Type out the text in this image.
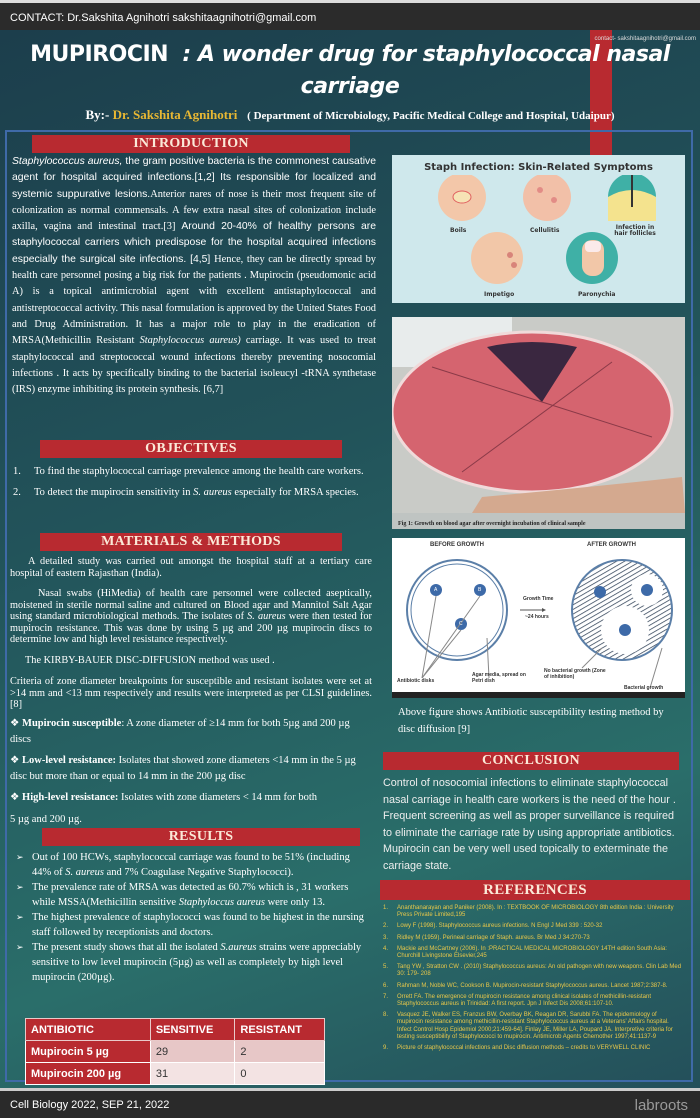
CONTACT: Dr.Sakshita Agnihotri sakshitaagnihotri@gmail.com
contact- sakshitaagnihotri@gmail.com
MUPIROCIN : A wonder drug for staphylococcal nasal
carriage
By:- Dr. Sakshita Agnihotri ( Department of Microbiology, Pacific Medical College and Hospital, Udaipur)
INTRODUCTION
Staphylococcus aureus, the gram positive bacteria is the commonest causative agent for hospital acquired infections.[1,2] Its responsible for localized and systemic suppurative lesions.Anterior nares of nose is their most frequent site of colonization as normal commensals. A few extra nasal sites of colonization include axilla, vagina and intestinal tract.[3] Around 20-40% of healthy persons are staphylococcal carriers which predispose for the hospital acquired infections especially the surgical site infections. [4,5] Hence, they can be directly spread by health care personnel posing a big risk for the patients . Mupirocin (pseudomonic acid A) is a topical antimicrobial agent with excellent antistaphylococcal and antistreptococcal activity. This nasal formulation is approved by the United States Food and Drug Administration. It has a major role to play in the eradication of MRSA(Methicillin Resistant Staphylococcus aureus) carriage. It was used to treat staphylococcal and streptococcal wound infections thereby preventing nosocomial infections . It acts by specifically binding to the bacterial isoleucyl -tRNA synthetase (IRS) enzyme inhibiting its protein synthesis. [6,7]
OBJECTIVES
1. To find the staphylococcal carriage prevalence among the health care workers.
2. To detect the mupirocin sensitivity in S. aureus especially for MRSA species.
MATERIALS & METHODS

A detailed study was carried out amongst the hospital staff at a tertiary care hospital of eastern Rajasthan (India).

Nasal swabs (HiMedia) of health care personnel were collected aseptically, moistened in sterile normal saline and cultured on Blood agar and Mannitol Salt Agar using standard microbiological methods. The isolates of S. aureus were then tested for mupirocin resistance. This was done by using 5 µg and 200 µg mupirocin discs to determine low and high level resistance respectively.

The KIRBY-BAUER DISC-DIFFUSION method was used .

Criteria of zone diameter breakpoints for susceptible and resistant isolates were set at >14 mm and <13 mm respectively and results were interpreted as per CLSI guidelines. [8]

❖ Mupirocin susceptible: A zone diameter of ≥14 mm for both 5µg and 200 µg discs

❖ Low-level resistance: Isolates that showed zone diameters <14 mm in the 5 µg disc but more than or equal to 14 mm in the 200 µg disc

❖ High-level resistance: Isolates with zone diameters < 14 mm for both

5 µg and 200 µg.

RESULTS
➢ Out of 100 HCWs, staphylococcal carriage was found to be 51% (including 44% of S. aureus and 7% Coagulase Negative Staphylococci).
➢ The prevalence rate of MRSA was detected as 60.7% which is , 31 workers while MSSA(Methicillin sensitive Staphyloccus aureus were only 13.
➢ The highest prevalence of staphylococci was found to be highest in the nursing staff followed by receptionists and doctors.
➢ The present study shows that all the isolated S.aureus strains were appreciably sensitive to low level mupirocin (5µg) as well as completely by high level mupirocin (200µg).
ANTIBIOTIC	SENSITIVE	RESISTANT
Mupirocin 5 µg	29	2
Mupirocin 200 µg	31	0
Staph Infection: Skin-Related Symptoms
Boils	Cellulitis	Infection in hair follicles
Impetigo	Paronychia
Fig 1: Growth on blood agar after overnight incubation of clinical sample
BEFORE GROWTH	AFTER GROWTH
Growth Time
~24 hours
Antibiotic disks
Agar media, spread on Petri dish
No bacterial growth (Zone of inhibition)
Bacterial growth
A	B
C
Above figure shows Antibiotic susceptibility testing method by disc diffusion [9]
CONCLUSION
Control of nosocomial infections to eliminate staphylococcal nasal carriage in health care workers is the need of the hour . Frequent screening as well as proper surveillance is required to eliminate the carriage rate by using appropriate antibiotics. Mupirocin can be very well used topically to exterminate the carriage state.
REFERENCES
1.	Ananthanarayan and Paniker (2008). In : TEXTBOOK OF MICROBIOLOGY 8th edition India : University Press Private Limited,195
2.	Lowy F (1998). Staphylococcus aureus infections. N Engl J Med 339 : 520-32
3.	Ridley M (1959). Perineal carriage of Staph. aureus. Br Med J 34:270-73
4.	Mackie and McCartney (2006). In :PRACTICAL MEDICAL MICROBIOLOGY 14TH edition South Asia: Churchill Livingstone Elsevier,245
5.	Tang YW , Stratton CW . (2010) Staphylococcus aureus: An old pathogen with new weapons. Clin Lab Med 30: 179- 208
6.	Rahman M, Noble WC, Cookson B. Mupirocin-resistant Staphylococcus aureus. Lancet 1987;2:387-8.
7.	Orrett FA. The emergence of mupirocin resistance among clinical isolates of methicillin-resistant Staphylococcus aureus in Trinidad: A first report. Jpn J Infect Dis 2008;61:107-10.
8.	Vasquez JE, Walker ES, Franzus BW, Overbay BK, Reagan DR, Sarubbi FA. The epidemiology of mupirocin resistance among methicillin-resistant Staphylococcus aureus at a Veterans' Affairs hospital. Infect Control Hosp Epidemiol 2000;21:459-64]. Finlay JE, Miller LA, Poupard JA. Interpretive criteria for testing susceptibility of Staphylococci to mupirocin. Antimicrob Agents Chemother 1997;41:1137-9
9.	Picture of staphylococcal infections and Disc diffusion methods – credits to VERYWELL CLINIC
Cell Biology 2022, SEP 21, 2022	labroots
